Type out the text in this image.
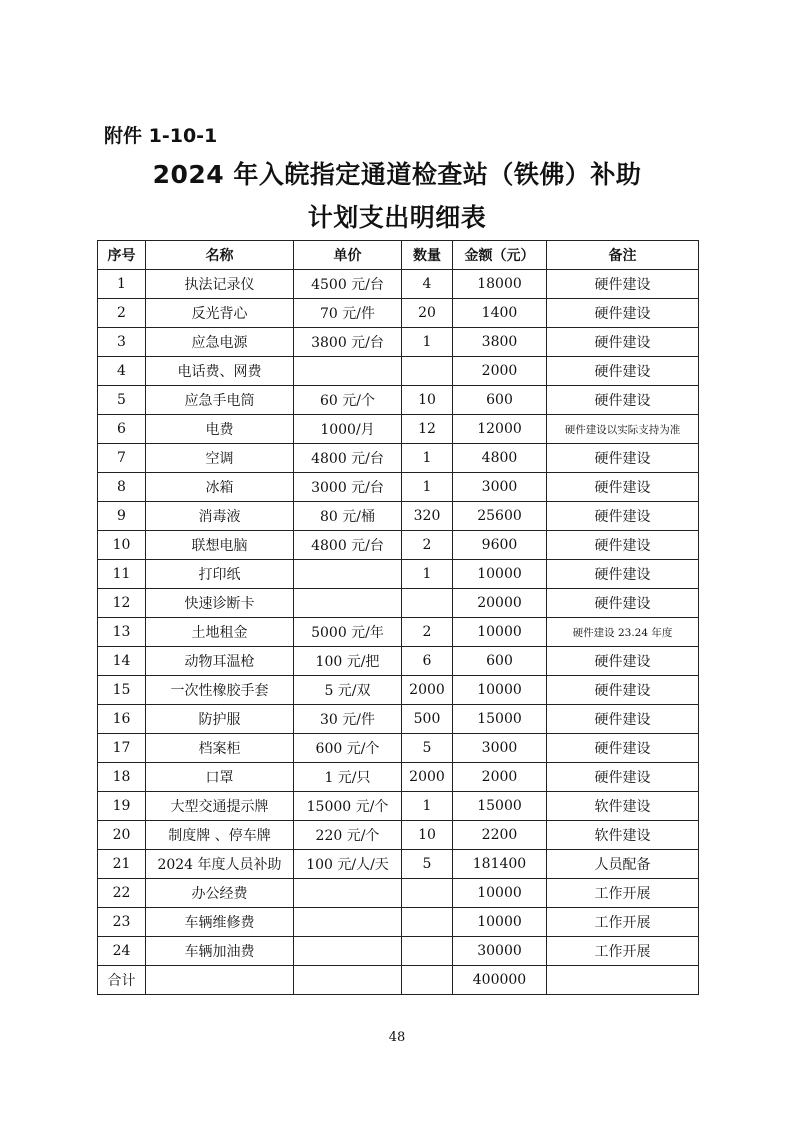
附件 1-10-1
2024 年入皖指定通道检查站（铁佛）补助
计划支出明细表
序号	名称	单价	数量	金额（元）	备注
1	执法记录仪	4500 元/台	4	18000	硬件建设
2	反光背心	70 元/件	20	1400	硬件建设
3	应急电源	3800 元/台	1	3800	硬件建设
4	电话费、网费			2000	硬件建设
5	应急手电筒	60 元/个	10	600	硬件建设
6	电费	1000/月	12	12000	硬件建设以实际支持为准
7	空调	4800 元/台	1	4800	硬件建设
8	冰箱	3000 元/台	1	3000	硬件建设
9	消毒液	80 元/桶	320	25600	硬件建设
10	联想电脑	4800 元/台	2	9600	硬件建设
11	打印纸		1	10000	硬件建设
12	快速诊断卡			20000	硬件建设
13	土地租金	5000 元/年	2	10000	硬件建设 23.24 年度
14	动物耳温枪	100 元/把	6	600	硬件建设
15	一次性橡胶手套	5 元/双	2000	10000	硬件建设
16	防护服	30 元/件	500	15000	硬件建设
17	档案柜	600 元/个	5	3000	硬件建设
18	口罩	1 元/只	2000	2000	硬件建设
19	大型交通提示牌	15000 元/个	1	15000	软件建设
20	制度牌 、停车牌	220 元/个	10	2200	软件建设
21	2024 年度人员补助	100 元/人/天	5	181400	人员配备
22	办公经费			10000	工作开展
23	车辆维修费			10000	工作开展
24	车辆加油费			30000	工作开展
合计				400000	
48
